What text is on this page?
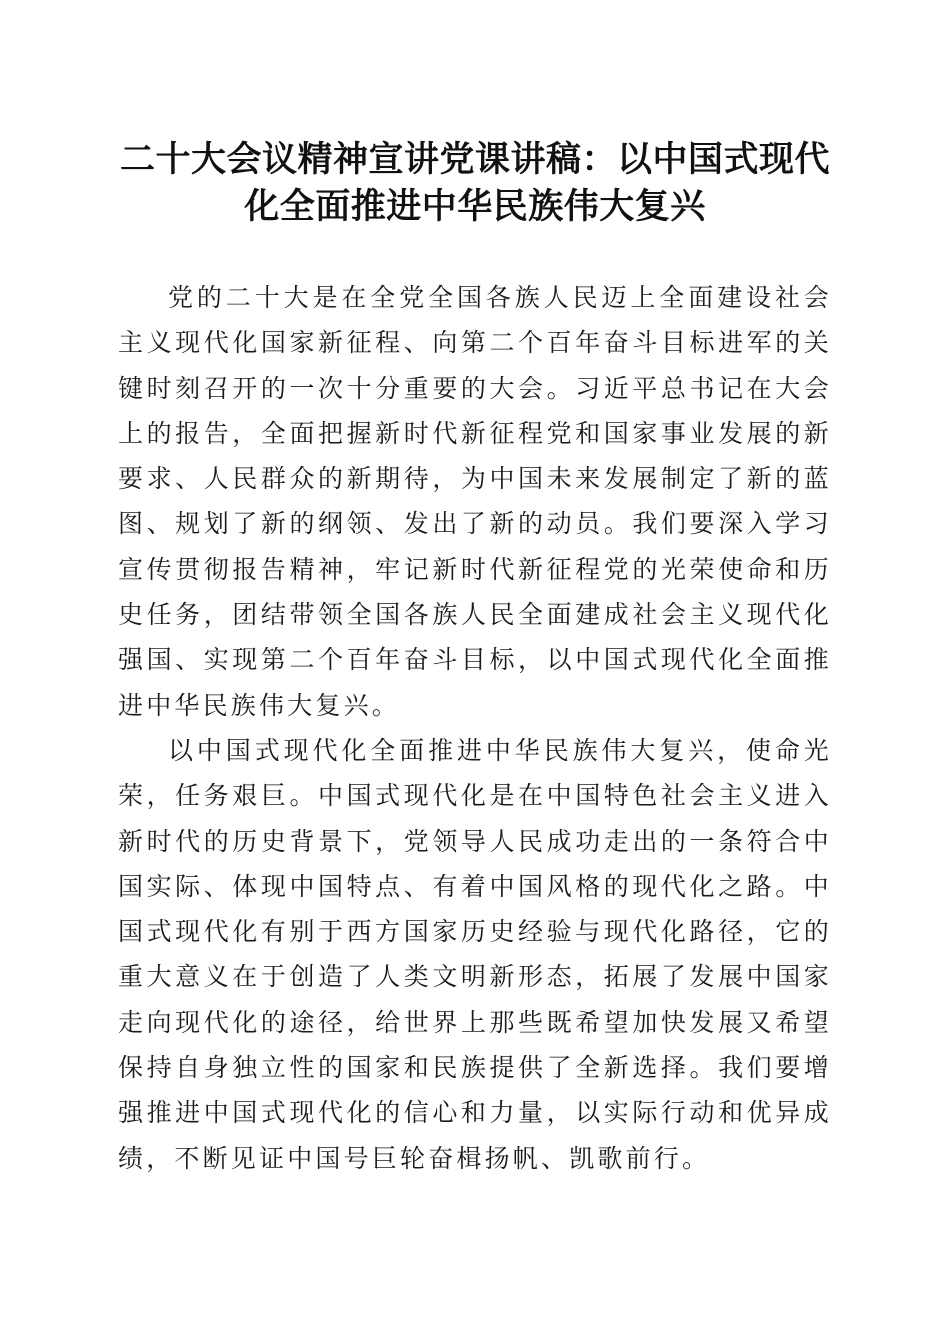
二十大会议精神宣讲党课讲稿：以中国式现代化全面推进中华民族伟大复兴

党的二十大是在全党全国各族人民迈上全面建设社会主义现代化国家新征程、向第二个百年奋斗目标进军的关键时刻召开的一次十分重要的大会。习近平总书记在大会上的报告，全面把握新时代新征程党和国家事业发展的新要求、人民群众的新期待，为中国未来发展制定了新的蓝图、规划了新的纲领、发出了新的动员。我们要深入学习宣传贯彻报告精神，牢记新时代新征程党的光荣使命和历史任务，团结带领全国各族人民全面建成社会主义现代化强国、实现第二个百年奋斗目标，以中国式现代化全面推进中华民族伟大复兴。

以中国式现代化全面推进中华民族伟大复兴，使命光荣，任务艰巨。中国式现代化是在中国特色社会主义进入新时代的历史背景下，党领导人民成功走出的一条符合中国实际、体现中国特点、有着中国风格的现代化之路。中国式现代化有别于西方国家历史经验与现代化路径，它的重大意义在于创造了人类文明新形态，拓展了发展中国家走向现代化的途径，给世界上那些既希望加快发展又希望保持自身独立性的国家和民族提供了全新选择。我们要增强推进中国式现代化的信心和力量，以实际行动和优异成绩，不断见证中国号巨轮奋楫扬帆、凯歌前行。
